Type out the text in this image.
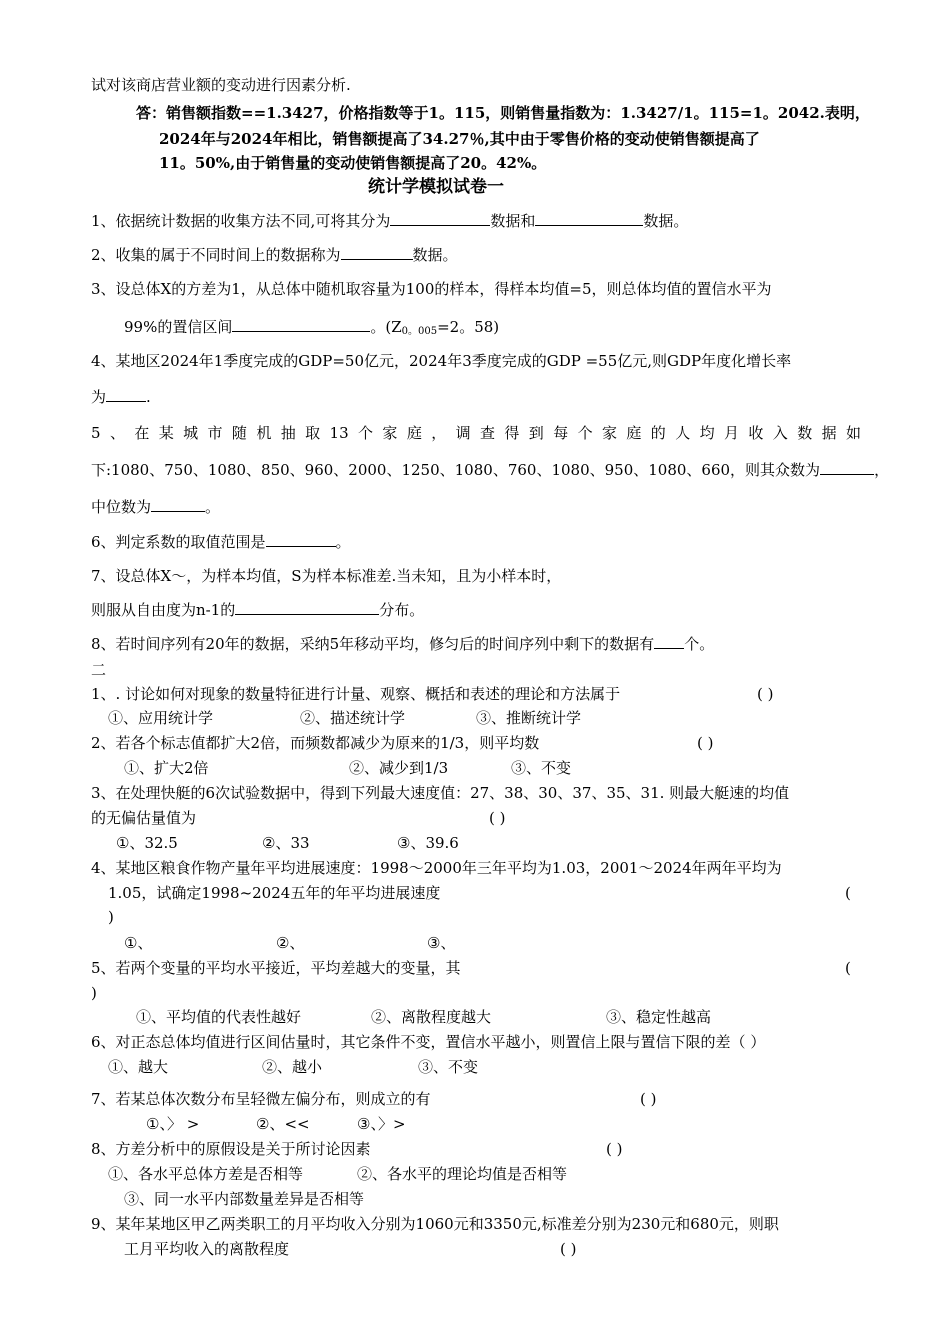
试对该商店营业额的变动进行因素分析.
答：销售额指数==1.3427，价格指数等于1。115，则销售量指数为：1.3427/1。115=1。2042.表明，
2024年与2024年相比，销售额提高了34.27％,其中由于零售价格的变动使销售额提高了
11。50%,由于销售量的变动使销售额提高了20。42%。
统计学模拟试卷一
1、依据统计数据的收集方法不同,可将其分为	数据和	数据。
2、收集的属于不同时间上的数据称为	数据。
3、设总体X的方差为1，从总体中随机取容量为100的样本，得样本均值=5，则总体均值的置信水平为
99%的置信区间	。($Z_{0。005}=2$。58)
4、某地区2024年1季度完成的GDP=50亿元，2024年3季度完成的GDP =55亿元,则GDP年度化增长率
为	.
5、在某城市随机抽取13个家庭，调查得到每个家庭的人均月收入数据如
下:1080、750、1080、850、960、2000、1250、1080、760、1080、950、1080、660，则其众数为	，
中位数为	。
6、判定系数的取值范围是	。
7、设总体X～，为样本均值，S为样本标准差.当未知，且为小样本时，
则服从自由度为n-1的	分布。
8、若时间序列有20年的数据，采纳5年移动平均，修匀后的时间序列中剩下的数据有 个。
二
1、. 讨论如何对现象的数量特征进行计量、观察、概括和表述的理论和方法属于	( )
①、应用统计学	②、描述统计学	③、推断统计学
2、若各个标志值都扩大2倍，而频数都减少为原来的1/3，则平均数	( )
①、扩大2倍	②、减少到1/3	③、不变
3、在处理快艇的6次试验数据中，得到下列最大速度值：27、38、30、37、35、31. 则最大艇速的均值
的无偏估量值为	( )
①、32.5	②、33	③、39.6
4、某地区粮食作物产量年平均进展速度：1998～2000年三年平均为1.03，2001～2024年两年平均为
1.05，试确定1998~2024五年的年平均进展速度	(
)
①、	②、	③、
5、若两个变量的平均水平接近，平均差越大的变量，其	(
)
①、平均值的代表性越好	②、离散程度越大	③、稳定性越高
6、对正态总体均值进行区间估量时，其它条件不变，置信水平越小，则置信上限与置信下限的差（ ）
①、越大	②、越小	③、不变
7、若某总体次数分布呈轻微左偏分布，则成立的有	( )
①、〉 >	②、<<	③、〉>
8、方差分析中的原假设是关于所讨论因素	( )
①、各水平总体方差是否相等	②、各水平的理论均值是否相等
③、同一水平内部数量差异是否相等
9、某年某地区甲乙两类职工的月平均收入分别为1060元和3350元,标准差分别为230元和680元，则职
工月平均收入的离散程度	( )
